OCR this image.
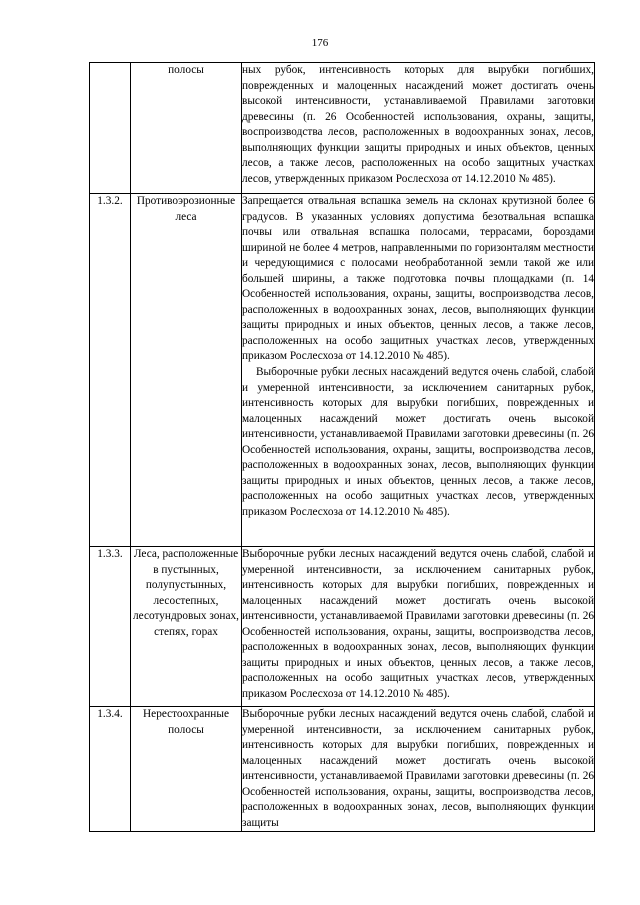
176
	полосы	ных рубок, интенсивность которых для вырубки погибших, поврежденных и малоценных насаждений может достигать очень высокой интенсивности, устанавливаемой Правилами заготовки древесины (п. 26 Особенностей использования, охраны, защиты, воспроизводства лесов, расположенных в водоохранных зонах, лесов, выполняющих функции защиты природных и иных объектов, ценных лесов, а также лесов, расположенных на особо защитных участках лесов, утвержденных приказом Рослесхоза от 14.12.2010 № 485).

1.3.2.	Противоэрозионные леса	Запрещается отвальная вспашка земель на склонах крутизной более 6 градусов. В указанных условиях допустима безотвальная вспашка почвы или отвальная вспашка полосами, террасами, бороздами шириной не более 4 метров, направленными по горизонталям местности и чередующимися с полосами необработанной земли такой же или большей ширины, а также подготовка почвы площадками (п. 14 Особенностей использования, охраны, защиты, воспроизводства лесов, расположенных в водоохранных зонах, лесов, выполняющих функции защиты природных и иных объектов, ценных лесов, а также лесов, расположенных на особо защитных участках лесов, утвержденных приказом Рослесхоза от 14.12.2010 № 485).

Выборочные рубки лесных насаждений ведутся очень слабой, слабой и умеренной интенсивности, за исключением санитарных рубок, интенсивность которых для вырубки погибших, поврежденных и малоценных насаждений может достигать очень высокой интенсивности, устанавливаемой Правилами заготовки древесины (п. 26 Особенностей использования, охраны, защиты, воспроизводства лесов, расположенных в водоохранных зонах, лесов, выполняющих функции защиты природных и иных объектов, ценных лесов, а также лесов, расположенных на особо защитных участках лесов, утвержденных приказом Рослесхоза от 14.12.2010 № 485).

1.3.3.	Леса, расположенные в пустынных, полупустынных, лесостепных, лесотундровых зонах, степях, горах	Выборочные рубки лесных насаждений ведутся очень слабой, слабой и умеренной интенсивности, за исключением санитарных рубок, интенсивность которых для вырубки погибших, поврежденных и малоценных насаждений может достигать очень высокой интенсивности, устанавливаемой Правилами заготовки древесины (п. 26 Особенностей использования, охраны, защиты, воспроизводства лесов, расположенных в водоохранных зонах, лесов, выполняющих функции защиты природных и иных объектов, ценных лесов, а также лесов, расположенных на особо защитных участках лесов, утвержденных приказом Рослесхоза от 14.12.2010 № 485).

1.3.4.	Нерестоохранные полосы	Выборочные рубки лесных насаждений ведутся очень слабой, слабой и умеренной интенсивности, за исключением санитарных рубок, интенсивность которых для вырубки погибших, поврежденных и малоценных насаждений может достигать очень высокой интенсивности, устанавливаемой Правилами заготовки древесины (п. 26 Особенностей использования, охраны, защиты, воспроизводства лесов, расположенных в водоохранных зонах, лесов, выполняющих функции защиты
